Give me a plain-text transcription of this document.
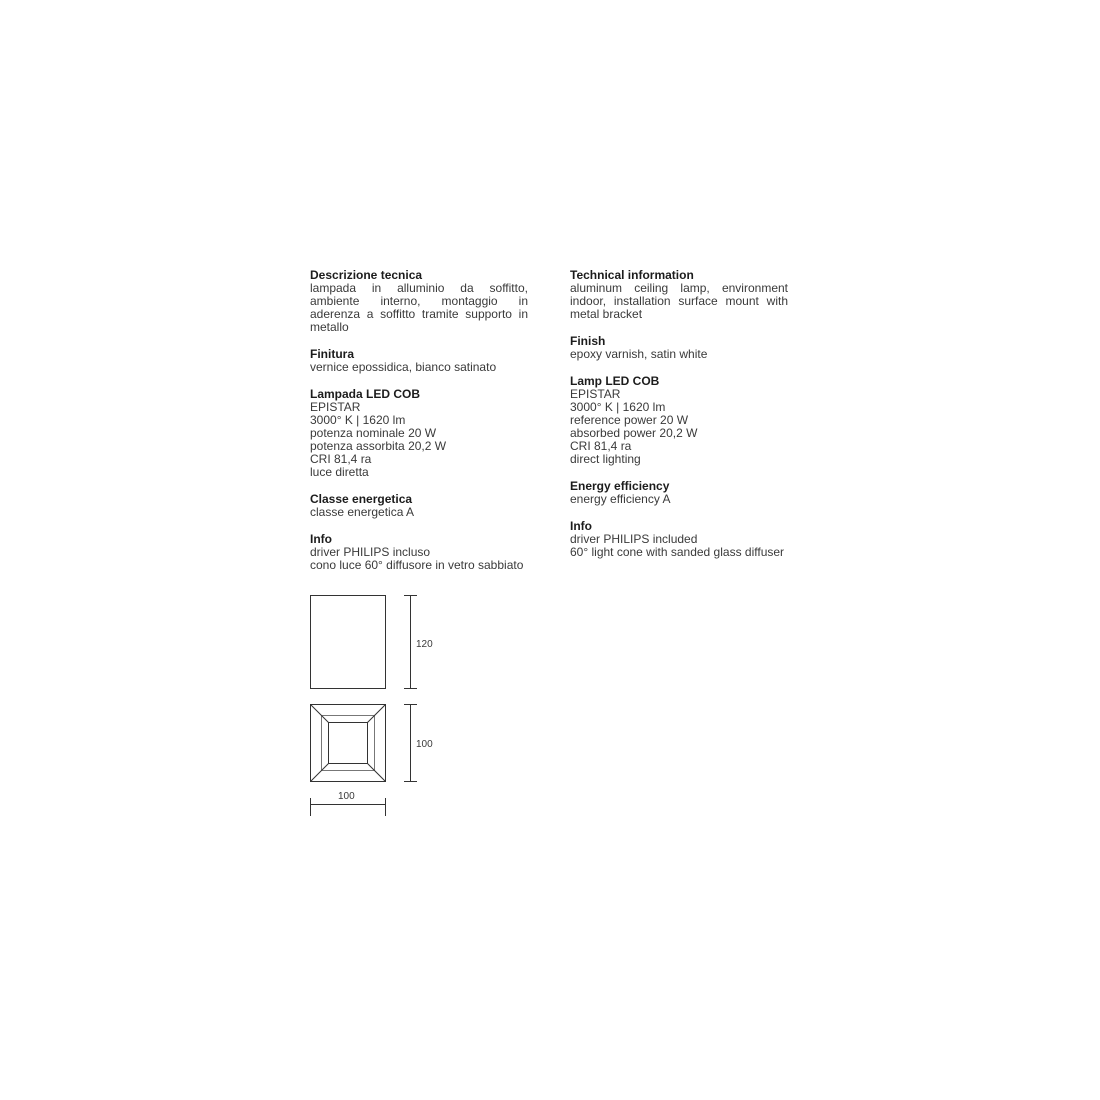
Descrizione tecnica
lampada in alluminio da soffitto, ambiente interno, montaggio in aderenza a soffitto tramite supporto in metallo
Finitura
vernice epossidica, bianco satinato
Lampada LED COB
EPISTAR
3000° K | 1620 lm
potenza nominale 20 W
potenza assorbita 20,2 W
CRI 81,4 ra
luce diretta
Classe energetica
classe energetica A
Info
driver PHILIPS incluso
cono luce 60° diffusore in vetro sabbiato
Technical information
aluminum ceiling lamp, environment indoor, installation surface mount with metal bracket
Finish
epoxy varnish, satin white
Lamp LED COB
EPISTAR
3000° K | 1620 lm
reference power 20 W
absorbed power 20,2 W
CRI 81,4 ra
direct lighting
Energy efficiency
energy efficiency A
Info
driver PHILIPS included
60° light cone with sanded glass diffuser
120
100
100
